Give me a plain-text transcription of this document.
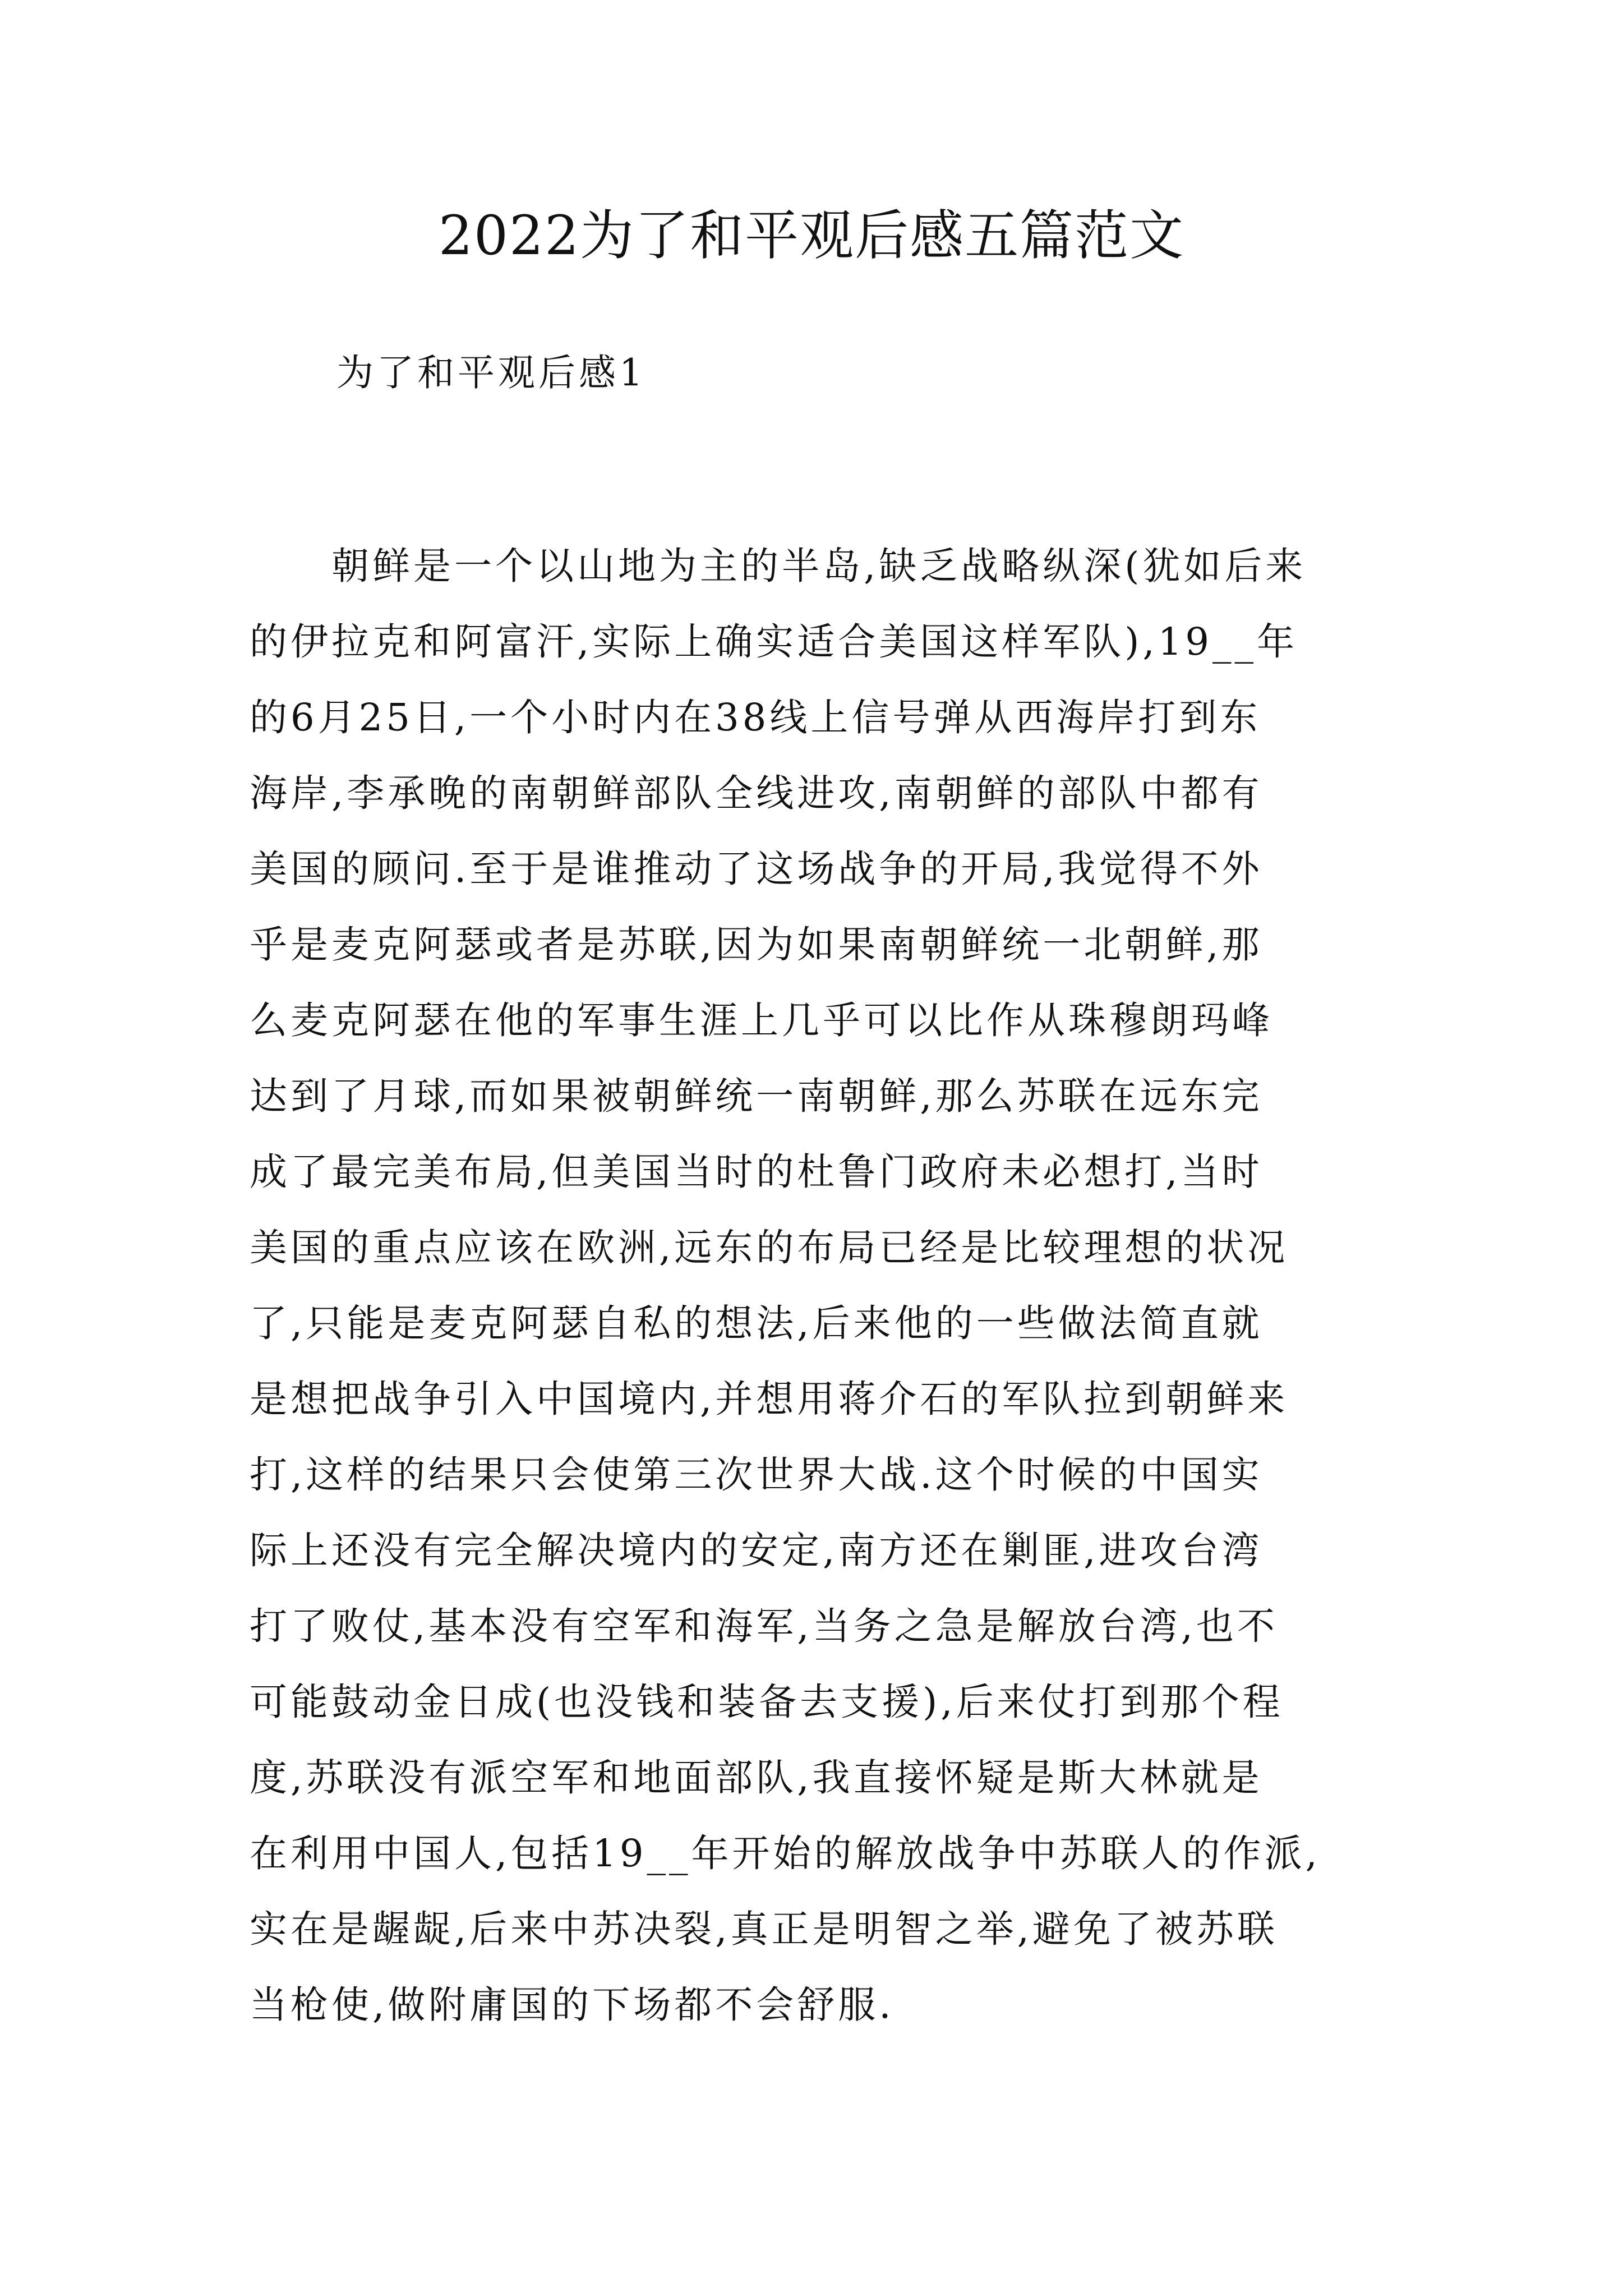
2022为了和平观后感五篇范文
为了和平观后感1
　　朝鲜是一个以山地为主的半岛,缺乏战略纵深(犹如后来
的伊拉克和阿富汗,实际上确实适合美国这样军队),19__年
的6月25日,一个小时内在38线上信号弹从西海岸打到东
海岸,李承晚的南朝鲜部队全线进攻,南朝鲜的部队中都有
美国的顾问.至于是谁推动了这场战争的开局,我觉得不外
乎是麦克阿瑟或者是苏联,因为如果南朝鲜统一北朝鲜,那
么麦克阿瑟在他的军事生涯上几乎可以比作从珠穆朗玛峰
达到了月球,而如果被朝鲜统一南朝鲜,那么苏联在远东完
成了最完美布局,但美国当时的杜鲁门政府未必想打,当时
美国的重点应该在欧洲,远东的布局已经是比较理想的状况
了,只能是麦克阿瑟自私的想法,后来他的一些做法简直就
是想把战争引入中国境内,并想用蒋介石的军队拉到朝鲜来
打,这样的结果只会使第三次世界大战.这个时候的中国实
际上还没有完全解决境内的安定,南方还在剿匪,进攻台湾
打了败仗,基本没有空军和海军,当务之急是解放台湾,也不
可能鼓动金日成(也没钱和装备去支援),后来仗打到那个程
度,苏联没有派空军和地面部队,我直接怀疑是斯大林就是
在利用中国人,包括19__年开始的解放战争中苏联人的作派,
实在是龌龊,后来中苏决裂,真正是明智之举,避免了被苏联
当枪使,做附庸国的下场都不会舒服.
